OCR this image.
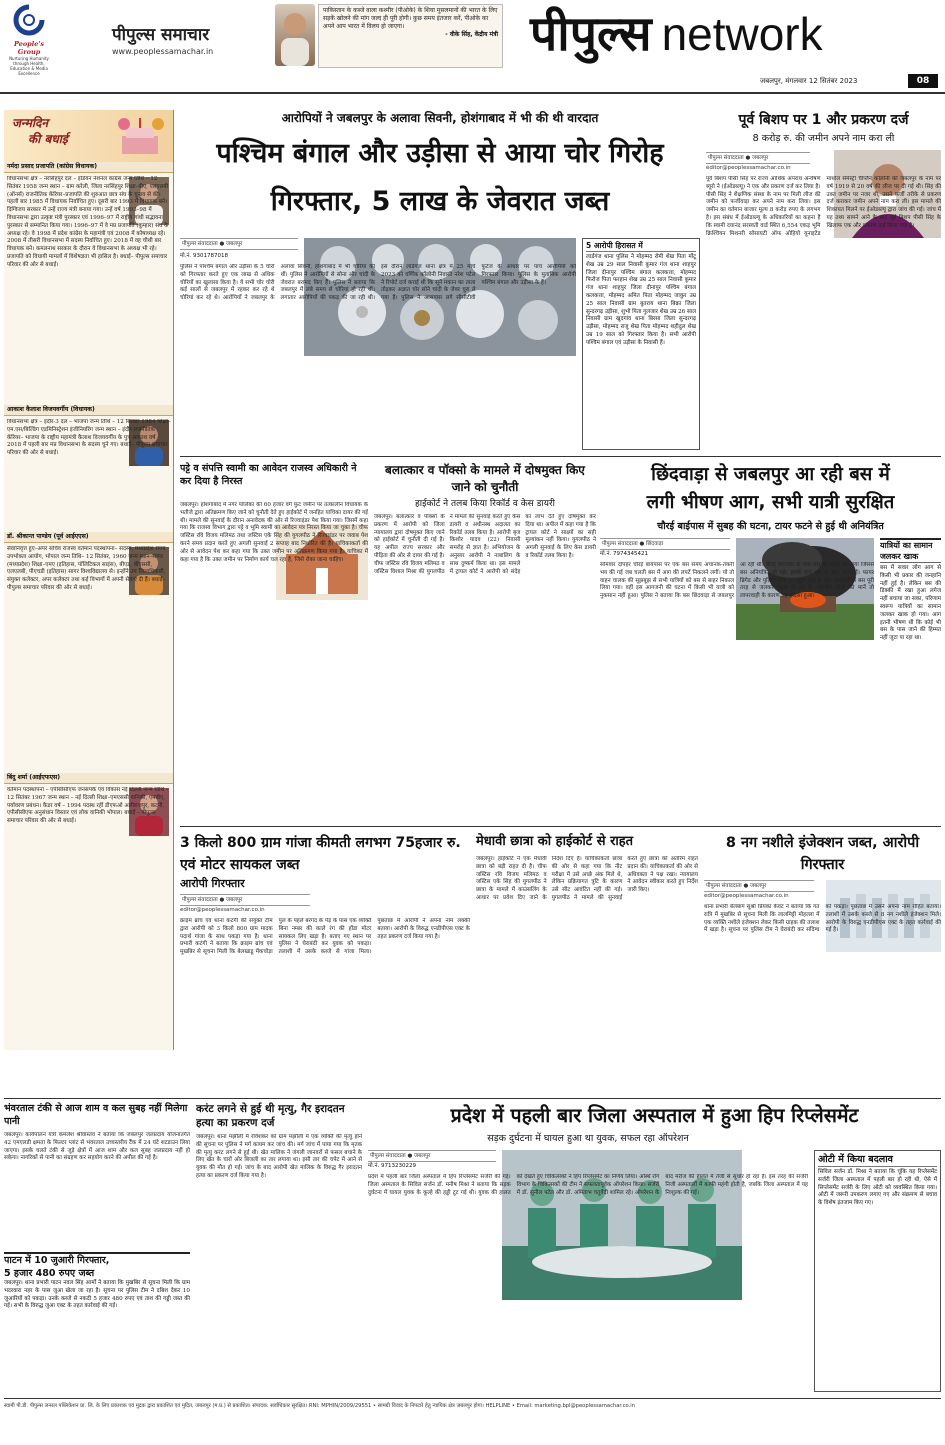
People's Group
Nurturing Humanity through Health, Education & Media Excellence
पीपुल्स समाचार
www.peoplessamachar.in
पाकिस्तान के कब्जे वाला कश्मीर (पीओके) के शिया मुसलमानों की भारत के लिए सड़कें खोलने की मांग जल्द ही पूरी होगी। कुछ समय इंतजार करें, पीओके का अपने आप भारत में विलय हो जाएगा।
- वीके सिंह, केंद्रीय मंत्री पीपुल्स network
जबलपुर, मंगलवार 12 सितंबर 2023	08
जन्मदिन
की बधाई
नर्मदा प्रसाद प्रजापति (कांग्रेस विधायक)
विधानसभा क्षेत्र – नरसिंहपुर दल – इंडियन नेशनल कांग्रेस जन्म तिथि – 12 सितंबर 1958 जन्म स्थान – ग्राम करेली, जिला नरसिंहपुर शिक्षा–बीए, एलएलबी (ऑनर्स) राजनीतिक कॅरियर–प्रजापति की शुरुआत छात्र संघ के चुनाव से की। पहली बार 1985 में विधायक निर्वाचित हुए। दूसरी बार 1993 में विधायक बने। दिग्विजय सरकार में उन्हें राज्य मंत्री बनाया गया। उन्हें वर्ष 1993–98 में विधानसभा द्वारा उत्कृष्ट मंत्री पुरस्कार एवं 1996–97 में राष्ट्रीय गांधी सद्भावना पुरस्कार से सम्मानित किया गया। 1996–97 में वे मप्र प्रजापति (कुम्हार) संघ के अध्यक्ष रहे। वे 1998 में प्रदेश कांग्रेस के महामंत्री एवं 2008 में कोषाध्यक्ष रहे। 2008 में तीसरी विधानसभा में सदस्य निर्वाचित हुए। 2018 में वह चौथी बार विधायक बने। कमलनाथ सरकार के दौरान वे विधानसभा के अध्यक्ष भी रहे। प्रजापति को विधायी मामलों में विशेषज्ञता भी हासिल है। बधाई– पीपुल्स समाचार परिवार की ओर से बधाई।
आकाश कैलाश विजयवर्गीय (विधायक)
विधानसभा क्षेत्र – इंदौर-3 दल – भाजपा जन्म तिथि – 12 सितंबर 1984 शिक्षा–एम.एस/बिल्डिंग एडमिनिस्ट्रेशन इंजीनियरिंग जन्म स्थान – इंदौर राजनीतिक कॅरियर– भाजपा के राष्ट्रीय महामंत्री कैलाश विजयवर्गीय के पुत्र आकाश वर्ष 2018 में पहली बार मप्र विधानसभा के सदस्य चुने गए। बधाई– पीपुल्स समाचार परिवार की ओर से बधाई।
डॉ. श्रीकान्त पाण्डेय (पूर्व आईएएस)
सेवानिवृत्त हुए–अपर सचिव राजस्व वर्तमान पदस्थापना– सदस्य, मध्यप्रदेश राज्य उपभोक्ता आयोग, भोपाल जन्म तिथि– 12 सितंबर, 1960 जन्म स्थान–सागर (मध्यप्रदेश) शिक्षा–एमए (इतिहास, पॉलिटिकल साइंस), बीएड, बीएससी, एलएलबी, पीएचडी (इतिहास) सागर विश्वविद्यालय से। इन्होंने उप जिलाधिकारी, संयुक्त कलेक्टर, अपर कलेक्टर तथा कई विभागों में अपनी सेवाएं दी हैं। बधाई– पीपुल्स समाचार परिवार की ओर से बधाई।
बिंदु शर्मा (आईएफएस)
वर्तमान पदस्थापना – एपीसीसीएफ जनसंपर्क एवं विकास नई दिल्ली जन्म तिथि – 12 सितंबर 1967 जन्म स्थान – नई दिल्ली शिक्षा–एमएससी वानिकी, एमबीए, पर्यावरण प्रबंधन। कैडर वर्ष – 1994 पदस्थ रहीं डीएफओ अलीराजपुर, कटनी, एपीसीसीएफ अनुसंधान विस्तार एवं लोक वानिकी भोपाल। बधाई – पीपुल्स समाचार परिवार की ओर से बधाई।
आरोपियों ने जबलपुर के अलावा सिवनी, होशंगाबाद में भी की थी वारदात
पश्चिम बंगाल और उड़ीसा से आया चोर गिरोह गिरफ्तार, 5 लाख के जेवरात जब्त
पीपुल्स संवाददाता ● जबलपुर
मो.नं. 9301787018
पुलिस ने पश्चिम बंगाल और उड़ीसा के 5 चोरों को गिरफ्तार करते हुए एक लाख से अधिक चोरियों का खुलासा किया है। ये सभी चोर चोरी कई सालों से जबलपुर में रहकर कर रहे थे चोरियां कर रहे थे। आरोपियों ने जबलपुर के अलावा सिवनी, होशंगाबाद में भी चोरियां की थीं। पुलिस ने आरोपियों से सोना और चांदी के जेवरात बरामद किए हैं। पुलिस ने बताया कि जबलपुर में लंबे समय से चोरियां हो रही थीं। लगातार आरोपियों की पकड़ की जा रही थी। इस दौरान लार्डगंज थाना क्षेत्र में 25 मार्च 2023 को वर्णिक कॉलोनी निवासी नरेश पटेल ने रिपोर्ट दर्ज कराई थी कि सूने मकान का ताला तोड़कर अज्ञात चोर सोने चांदी के जेवर चुरा ले गया है। पुलिस ने आसपास लगे सीसीटीवी फुटेज के आधार पर पांच आरोपियों को गिरफ्तार किया। पुलिस के मुताबिक आरोपी पश्चिम बंगाल और उड़ीसा के हैं।
5 आरोपी हिरासत में
लार्डगंज थाना पुलिस ने मोहम्मद रोमी शेख पिता मोंटू शेख उम्र 29 साल निवासी कुमार गंज थाना शाहपुर जिला दीनापुर पश्चिम बंगाल कलकत्ता, मोहम्मद फिरोज पिता फरहान शेख उम्र 25 साल निवासी कुमार गंज थाना शाहपुर जिला दीनापुर पश्चिम बंगाल कलकत्ता, मोहम्मद अमित पिता मोहम्मद जाकुर उम्र 25 साल निवासी ग्राम बुतराय थाना बिक्रा जिला सुन्दरगढ़ उड़ीसा, शुभो पिता गुलजार शेख उम्र 26 साल निवासी ग्राम खुदगांव थाना बिरसा जिला सुन्दरगढ़ उड़ीसा, मोहम्मद राजु शेख पिता मोहम्मद शहीदुल शेख उम्र 19 साल को गिरफ्तार किया है। सभी आरोपी पश्चिम बंगाल एवं उड़ीसा के निवासी हैं।
पूर्व बिशप पर 1 और प्रकरण दर्ज
8 करोड़ रु. की जमीन अपने नाम करा ली
पीपुल्स संवाददाता ● जबलपुर
editor@peoplessamachar.co.in
पूर्व बिशप पीसी सिंह पर राज्य आर्थिक अपराध अन्वेषण ब्यूरो ने (ईओडब्ल्यू) ने एक और प्रकरण दर्ज कर लिया है। पीसी सिंह ने शैक्षणिक संस्था के नाम पर मिली लीज की जमीन को फर्जीवाड़ा कर अपने नाम करा लिया। इस जमीन का वर्तमान बाजार मूल्य 8 करोड़ रुपए के लगभग है। इस संबंध में ईओडब्ल्यू के अधिकारियों का कहना है कि स्वामी दयानंद सरस्वती वार्ड स्थित 6,554 एकड़ भूमि क्रिश्चियन मिशनरी सोसायटी ऑफ ओहियो यूनाइटेड मार्थोल सेमेंस्ट्री चैप्लिन कॉलोनी को जबलपुर के नाम पर वर्ष 1919 से 20 वर्ष की लीज पर दी गई थी। सिंह की उक्त जमीन पर नजर थी, उसने फर्जी तरीके से प्रकरण दर्ज कराकर जमीन अपने नाम करा ली। इस मामले की शिकायत मिलने पर ईओडब्ल्यू द्वारा जांच की गई। जांच में यह तथ्य सामने आने के बाद पूर्व बिशप पीसी सिंह के खिलाफ एक और प्रकरण दर्ज किया गया है।
पट्टे व संपत्ति स्वामी का आवेदन राजस्व अधिकारी ने कर दिया है निरस्त
जबलपुर। होशंगाबाद में नगर पालिका की 60 हजार वर्ग फुट जमीन पर तत्कालीन विधायक के भतीजे द्वारा अतिक्रमण किए जाने को चुनौती देते हुए हाईकोर्ट में जनहित याचिका दायर की गई थी। मामले की सुनवाई के दौरान अनावेदक की ओर से रिज्वाइंडर पेश किया गया। जिसमें कहा गया कि राजस्व विभाग द्वारा पट्टे व भूमि स्वामी का आवेदन पत्र निरस्त किया जा चुका है। चीफ जस्टिस रवि विजय मलिमठ तथा जस्टिस एके सिंह की युगलपीठ ने रिज्वाइंडर पर जवाब पेश करने समय प्रदान करते हुए अगली सुनवाई 2 सप्ताह बाद निर्धारित की है। याचिकाकर्ता की ओर से आवेदन पेश कर कहा गया कि उक्त जमीन पर अतिक्रमण किया गया है। याचिका में कहा गया है कि उक्त जमीन पर निर्माण कार्य चल रहा है, जिसे रोका जाना चाहिए।
बलात्कार व पॉक्सो के मामले में दोषमुक्त किए जाने को चुनौती
हाईकोर्ट ने तलब किया रिकॉर्ड व केस डायरी
जबलपुर। बलात्कार व पॉक्सो के प्रकरण में आरोपी को जिला न्यायालय द्वारा दोषमुक्त किए जाने को हाईकोर्ट में चुनौती दी गई है। यह अपील राज्य सरकार और पीड़िता की ओर से दायर की गई है। चीफ जस्टिस रवि विजय मलिमठ व जस्टिस विशाल मिश्रा की युगलपीठ ने मामले की सुनवाई करते हुए केस डायरी व अधीनस्थ अदालत का रिकॉर्ड तलब किया है। आरोपी बृज किशोर यादव (22) निवासी समरोह से ज्ञात है। अभियोजन के अनुसार आरोपी ने नाबालिग के साथ दुष्कर्म किया था। इस मामले में ट्रायल कोर्ट ने आरोपी को संदेह का लाभ देते हुए दोषमुक्त कर दिया था। अपील में कहा गया है कि ट्रायल कोर्ट ने साक्ष्यों का सही मूल्यांकन नहीं किया। युगलपीठ ने अगली सुनवाई के लिए केस डायरी व रिकॉर्ड तलब किया है।
छिंदवाड़ा से जबलपुर आ रही बस में
लगी भीषण आग, सभी यात्री सुरक्षित
चौरई बाईपास में सुबह की घटना, टायर फटने से हुई थी अनियंत्रित
पीपुल्स संवाददाता ● छिंदवाड़ा
मो.नं. 7974345421
सोमवार दोपहर चौरई बायपास पर एक बस समय अचानक-तकरी भय की गई जब चलती बस में आग की लपटें निकलने लगीं। यो तो वाहन चालक की सूझबूझ से सभी यात्रियों को बस से बाहर निकाल लिया गया। वहीं इस आगजनी की घटना में किसी भी यात्री को नुकसान नहीं हुआ। पुलिस ने बताया कि बस छिंदवाड़ा से जबलपुर आ रही थी। चौरई बायपास के पास बस का टायर फट गया जिससे बस अनियंत्रित हो गई। इसके बाद बस में आग लग गई। फायर ब्रिगेड और पुलिस मौके पर पहुंच गया है। इस आगजनी में बस पूरी तरह से जलकर खाक हो गई है। स्थानीय लोगों की मानें तो लापरवाही के कारण यह हादसा हुआ।
यात्रियों का सामान जलकर खाक
बस में सवार लोग आग से किसी भी प्रकार की जनहानि नहीं हुई है। लेकिन बस की डिक्की में रखा हुआ लगेज नहीं बचाया जा सका, परिणाम स्वरूप यात्रियों का सामान जलकर खाक हो गया। आग इतनी भीषण थी कि कोई भी बस के पास जाने की हिम्मत नहीं जुटा पा रहा था।
3 किलो 800 ग्राम गांजा कीमती लगभग 75हजार रु. एवं मोटर सायकल जब्त
आरोपी गिरफ्तार
पीपुल्स संवाददाता ● जबलपुर
editor@peoplessamachar.co.in
क्राइम ब्रांच एवं थाना कटंगी की संयुक्त टीम द्वारा आरोपी को 3 किलो 800 ग्राम मादक पदार्थ गांजा के साथ पकड़ा गया है। थाना प्रभारी कटंगी ने बताया कि क्राइम ब्रांच एवं मुखबिर से सूचना मिली कि बेलखाडू मेंकचोड़ा पुल के पहले बरगद के पेड़ के पास एक व्यक्ति बिना नम्बर की काले रंग की होंडा मोटर सायकल लिए खड़ा है। बताए गए स्थान पर पुलिस ने घेराबंदी कर युवक को पकड़ा। तलाशी में उसके कब्जे से गांजा मिला। पूछताछ में आरोपी ने अपना नाम लक्की बताया। आरोपी के विरुद्ध एनडीपीएस एक्ट के तहत प्रकरण दर्ज किया गया है।
मेधावी छात्रा को हाईकोर्ट से राहत
जबलपुर। हाईकोर्ट ने एक मेधावी छात्रा को बड़ी राहत दी है। चीफ जस्टिस रवि विजय मलिमठ व जस्टिस एके सिंह की युगलपीठ ने छात्रा के मामले में काउंसलिंग के आधार पर प्रवेश दिए जाने के निर्देश दिए हैं। याचिकाकर्ता छात्रा की ओर से कहा गया कि नीट परीक्षा में उसे अच्छे अंक मिले थे, लेकिन प्रक्रियागत त्रुटि के कारण उसे सीट आवंटित नहीं की गई। युगलपीठ ने मामले की सुनवाई करते हुए छात्रा को अंतरिम राहत प्रदान की। याचिकाकर्ता की ओर से अधिवक्ता ने पक्ष रखा। न्यायालय ने आवेदन स्वीकार करते हुए निर्देश जारी किए।
8 नग नशीले इंजेक्शन जब्त, आरोपी गिरफ्तार
पीपुल्स संवाददाता ● जबलपुर
editor@peoplessamachar.co.in
थाना प्रभारी बेलबाग सुश्री प्रियंका केवट ने बताया कि गत रात्रि में मुखबिर से सूचना मिली कि लालमिट्टी मोहल्ला में एक व्यक्ति नशीले इंजेक्शन लेकर किसी ग्राहक की तलाश में खड़ा है। सूचना पर पुलिस टीम ने घेराबंदी कर संदिग्ध को पकड़ा। पूछताछ में उसने अपना नाम रोहित बताया। तलाशी में उसके कब्जे से 8 नग नशीले इंजेक्शन मिले। आरोपी के विरुद्ध एनडीपीएस एक्ट के तहत कार्रवाई की गई है।
भंवरताल टंकी से आज शाम व कल सुबह नहीं मिलेगा पानी
जबलपुर। कार्यपालन यंत्री कमलेश श्रीवास्तव ने बताया कि जबलपुर जलप्रदाय योजनांतर्गत 42 एमएलडी क्षमता के फिल्टर प्लांट से भंवरताल उच्चस्तरीय टैंक में 24 घंटे शटडाउन लिया जाएगा। इसके चलते टंकी से जुड़े क्षेत्रों में आज शाम और कल सुबह जलप्रदाय नहीं हो सकेगा। नागरिकों से पानी का संग्रहण कर सहयोग करने की अपील की गई है।
पाटन में 10 जुआरी गिरफ्तार,
5 हजार 480 रुपए जब्त
जबलपुर। थाना प्रभारी पाटन नवल सिंह आर्मो ने बताया कि मुखबिर से सूचना मिली कि ग्राम भदरवारा नहर के पास जुआ खेला जा रहा है। सूचना पर पुलिस टीम ने दबिश देकर 10 जुआरियों को पकड़ा। उनके कब्जे से नकदी 5 हजार 480 रुपए एवं ताश की गड्डी जब्त की गई। सभी के विरुद्ध जुआ एक्ट के तहत कार्रवाई की गई।
करंट लगने से हुई थी मृत्यु, गैर इरादतन हत्या का प्रकरण दर्ज
जबलपुर। थाना मझौली में रविशंकर को ग्राम मझौली में एक व्यक्ति की मृत्यु होने की सूचना पर पुलिस ने मर्ग कायम कर जांच की। मर्ग जांच में पाया गया कि मृतक की मृत्यु करंट लगने से हुई थी। खेत मालिक ने जंगली जानवरों से फसल बचाने के लिए खेत के चारों ओर बिजली का तार लगाया था। इसी तार की चपेट में आने से युवक की मौत हो गई। जांच के बाद आरोपी खेत मालिक के विरुद्ध गैर इरादतन हत्या का प्रकरण दर्ज किया गया है।
प्रदेश में पहली बार जिला अस्पताल में हुआ हिप रिप्लेसमेंट
सड़क दुर्घटना में घायल हुआ था युवक, सफल रहा ऑपरेशन
पीपुल्स संवाददाता ● जबलपुर
मो.नं. 9713230229
प्रदेश में पहली बार जिला अस्पताल में हिप रिप्लेसमेंट सर्जरी की गई। जिला अस्पताल के सिविल सर्जन डॉ. मनीष मिश्रा ने बताया कि सड़क दुर्घटना में घायल युवक के कूल्हे की हड्डी टूट गई थी। युवक की हालत को देखते हुए चिकित्सकों ने हिप रिप्लेसमेंट का निर्णय लिया। अस्थि रोग विभाग के चिकित्सकों की टीम ने सफलतापूर्वक ऑपरेशन किया। सर्जरी में डॉ. सुनील पटेल और डॉ. अमिताभ चतुर्वेदी शामिल रहे। ऑपरेशन के बाद मरीज की हालत में तेजी से सुधार हो रहा है। इस तरह की सर्जरी निजी अस्पतालों में काफी महंगी होती है, जबकि जिला अस्पताल में यह निःशुल्क की गई।
ओटी में किया बदलाव
सिविल सर्जन डॉ. मिश्रा ने बताया कि चूंकि यह रिप्लेसमेंट सर्जरी जिला अस्पताल में पहली बार हो रही थी, ऐसे में सिप्लेसमेंट सर्जरी के लिए ओटी को व्यवस्थित किया गया। ओटी में जरूरी उपकरण लगाए गए और संक्रमण से बचाव के विशेष इंतजाम किए गए।
स्वामी पी.डी. पीपुल्स जनरल पब्लिकेशन प्रा. लि. के लिए प्रकाशक एवं मुद्रक द्वारा प्रकाशित एवं मुद्रित, जबलपुर (म.प्र.) से प्रकाशित। संपादक: सर्वाधिकार सुरक्षित। RNI: MPHIN/2009/29551 • सामग्री विवाद के निपटारे हेतु न्यायिक क्षेत्र जबलपुर होगा। HELPLINE • Email: marketing.bpl@peoplessamachar.co.in
